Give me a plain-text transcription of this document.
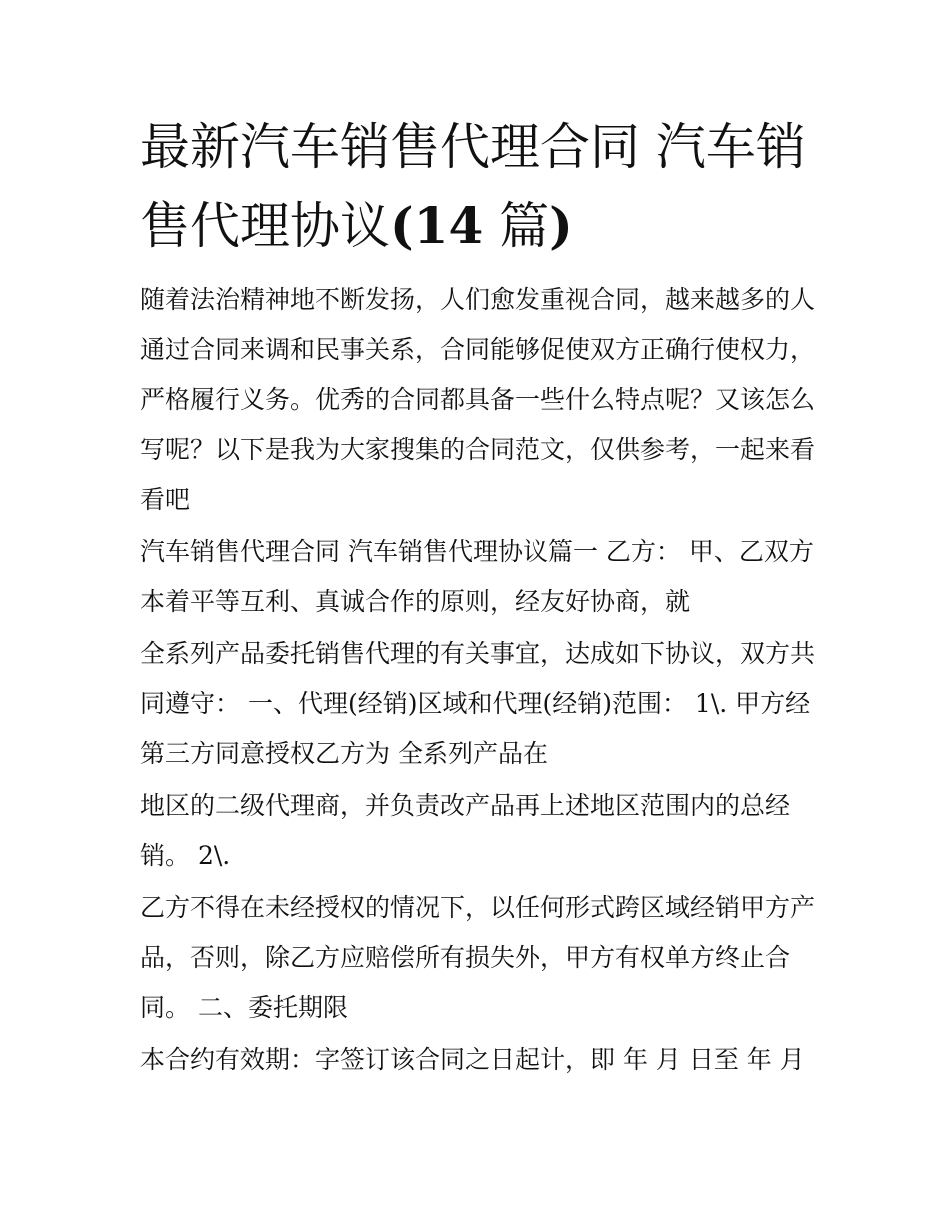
最新汽车销售代理合同 汽车销
售代理协议(14 篇)
随着法治精神地不断发扬，人们愈发重视合同，越来越多的人
通过合同来调和民事关系，合同能够促使双方正确行使权力，
严格履行义务。优秀的合同都具备一些什么特点呢？又该怎么
写呢？以下是我为大家搜集的合同范文，仅供参考，一起来看
看吧
汽车销售代理合同 汽车销售代理协议篇一 乙方： 甲、乙双方
本着平等互利、真诚合作的原则，经友好协商，就
全系列产品委托销售代理的有关事宜，达成如下协议，双方共
同遵守： 一、代理(经销)区域和代理(经销)范围： 1\. 甲方经
第三方同意授权乙方为 全系列产品在
地区的二级代理商，并负责改产品再上述地区范围内的总经
销。 2\.
乙方不得在未经授权的情况下，以任何形式跨区域经销甲方产
品，否则，除乙方应赔偿所有损失外，甲方有权单方终止合
同。 二、委托期限
本合约有效期：字签订该合同之日起计，即 年 月 日至 年 月
